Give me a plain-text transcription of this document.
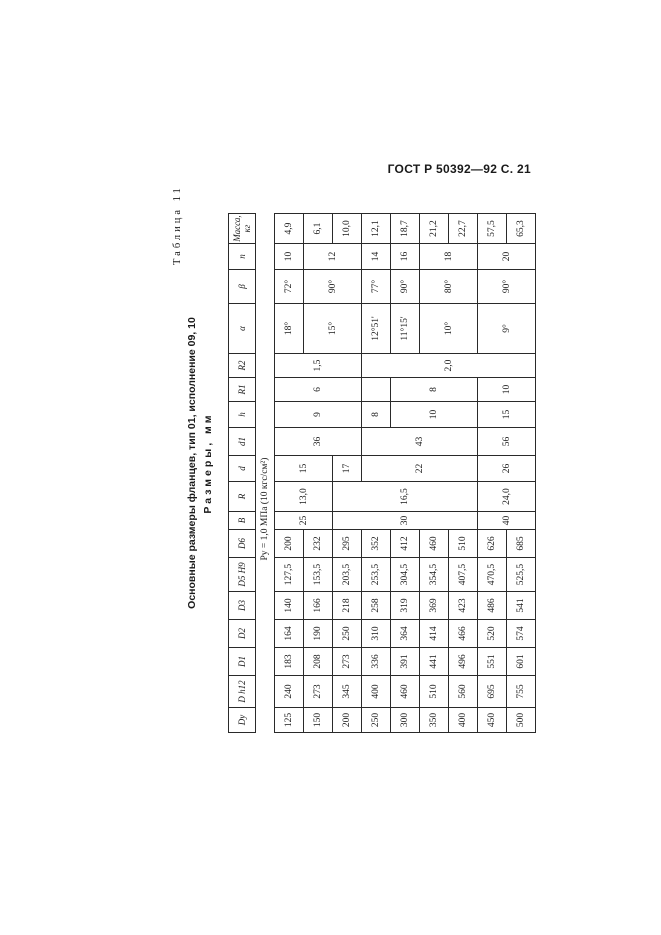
ГОСТ Р 50392—92 С. 21
Таблица 11
Основные размеры фланцев, тип 01, исполнение 09, 10 Размеры, мм
Dу	D h12	D1	D2	D3	D5 H9	D6	B	R	d	d1	h	R1	R2	α	β	n	Масса, кг
Pу = 1,0 МПа (10 кгс/см²)																	
125	240	183	164	140	127,5	200	25	13,0	15	36	9	6	1,5	18°	72°	10	4,9
150	273	208	190	166	153,5	232								15°	90°	12	6,1
200	345	273	250	218	203,5	295	30	16,5	17								10,0
250	400	336	310	258	253,5	352			22	43	8		2,0	12°51'	77°	14	12,1
300	460	391	364	319	304,5	412					10	8		11°15'	90°	16	18,7
350	510	441	414	369	354,5	460								10°	80°	18	21,2
400	560	496	466	423	407,5	510											22,7
450	695	551	520	486	470,5	626	40	24,0	26	56	15	10		9°	90°	20	57,5
500	755	601	574	541	525,5	685											65,3
